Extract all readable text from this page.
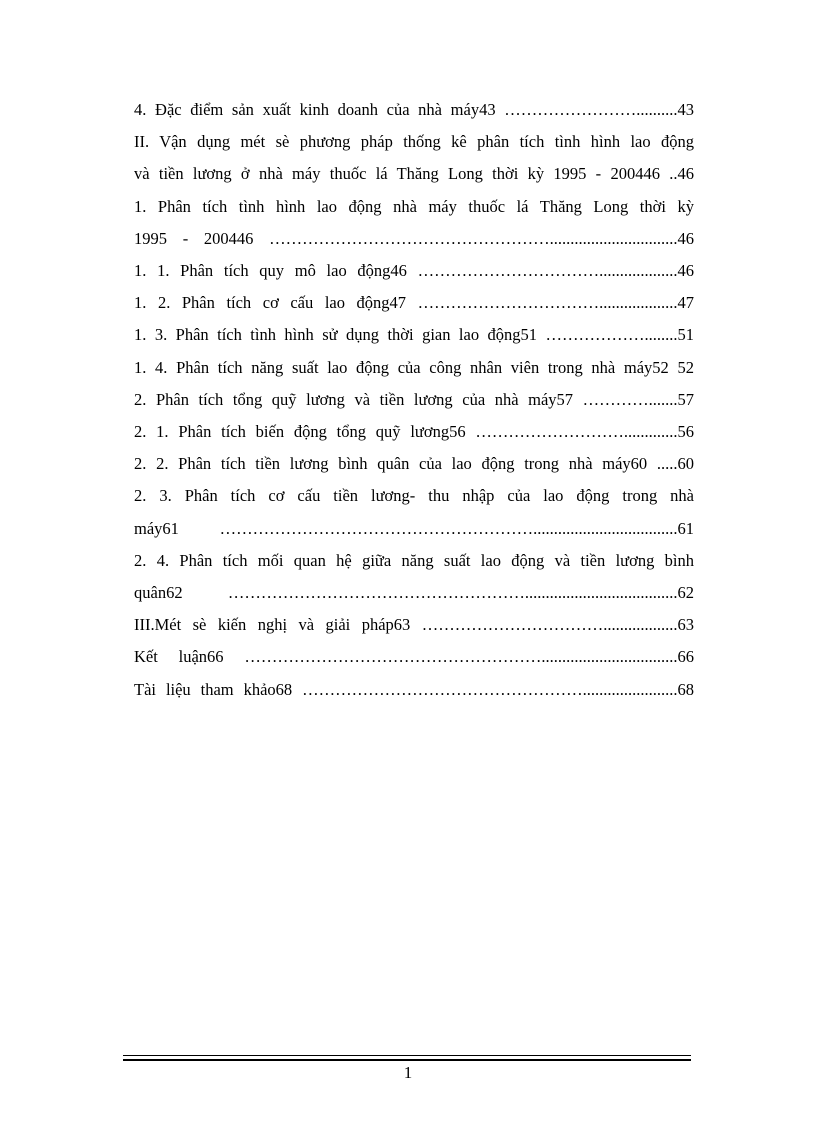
4. Đặc điểm sản xuất kinh doanh của nhà máy43 ……………………..........43
II. Vận dụng mét sè phương pháp thống kê phân tích tình hình lao động
và tiền lương ở nhà máy thuốc lá Thăng Long thời kỳ 1995 - 200446 ..46
1. Phân tích tình hình lao động nhà máy thuốc lá Thăng Long thời kỳ
1995 - 200446 ……………………………………………...............................46
1. 1. Phân tích quy mô lao động46 ……………………………...................46
1. 2. Phân tích cơ cấu lao động47 ……………………………...................47
1. 3. Phân tích tình hình sử dụng thời gian lao động51 ………………........51
1. 4. Phân tích năng suất lao động của công nhân viên trong nhà máy52 52
2. Phân tích tổng quỹ lương và tiền lương của nhà máy57 ………….......57
2. 1. Phân tích biến động tổng quỹ lương56 ……………………….............56
2. 2. Phân tích tiền lương bình quân của lao động trong nhà máy60 .....60
2. 3. Phân tích cơ cấu tiền lương- thu nhập của lao động trong nhà
máy61 …………………………………………………...................................61
2. 4. Phân tích mối quan hệ giữa năng suất lao động và tiền lương bình
quân62 ……………………………………………….....................................62
III.Mét sè kiến nghị và giải pháp63 ……………………………..................63
Kết luận66 ……………………………………………….................................66
Tài liệu tham khảo68 …………………………………………….......................68
1
